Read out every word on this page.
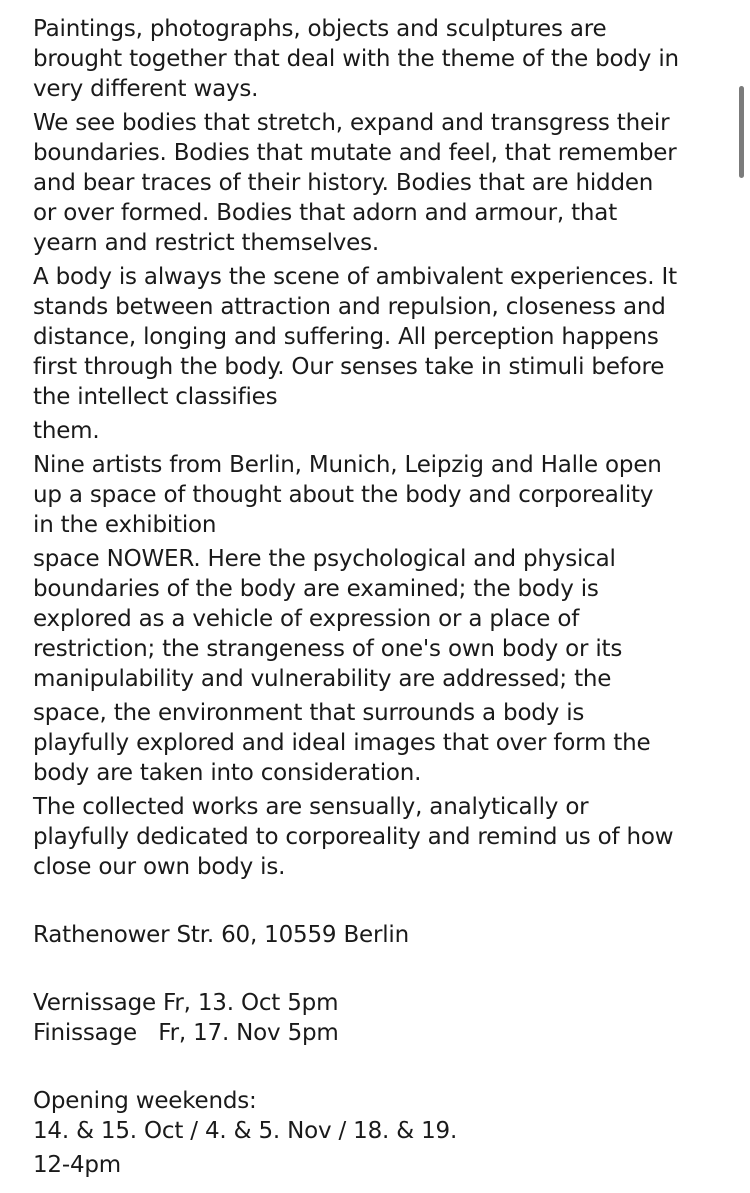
Paintings, photographs, objects and sculptures are
brought together that deal with the theme of the body in
very different ways.

We see bodies that stretch, expand and transgress their
boundaries. Bodies that mutate and feel, that remember
and bear traces of their history. Bodies that are hidden
or over formed. Bodies that adorn and armour, that
yearn and restrict themselves.

A body is always the scene of ambivalent experiences. It
stands between attraction and repulsion, closeness and
distance, longing and suffering. All perception happens
first through the body. Our senses take in stimuli before
the intellect classifies

them.

Nine artists from Berlin, Munich, Leipzig and Halle open
up a space of thought about the body and corporeality
in the exhibition

space NOWER. Here the psychological and physical
boundaries of the body are examined; the body is
explored as a vehicle of expression or a place of
restriction; the strangeness of one's own body or its
manipulability and vulnerability are addressed; the

space, the environment that surrounds a body is
playfully explored and ideal images that over form the
body are taken into consideration.

The collected works are sensually, analytically or
playfully dedicated to corporeality and remind us of how
close our own body is.

Rathenower Str. 60, 10559 Berlin

Vernissage Fr, 13. Oct 5pm

Finissage   Fr, 17. Nov 5pm

Opening weekends:

14. & 15. Oct / 4. & 5. Nov / 18. & 19.

12-4pm
